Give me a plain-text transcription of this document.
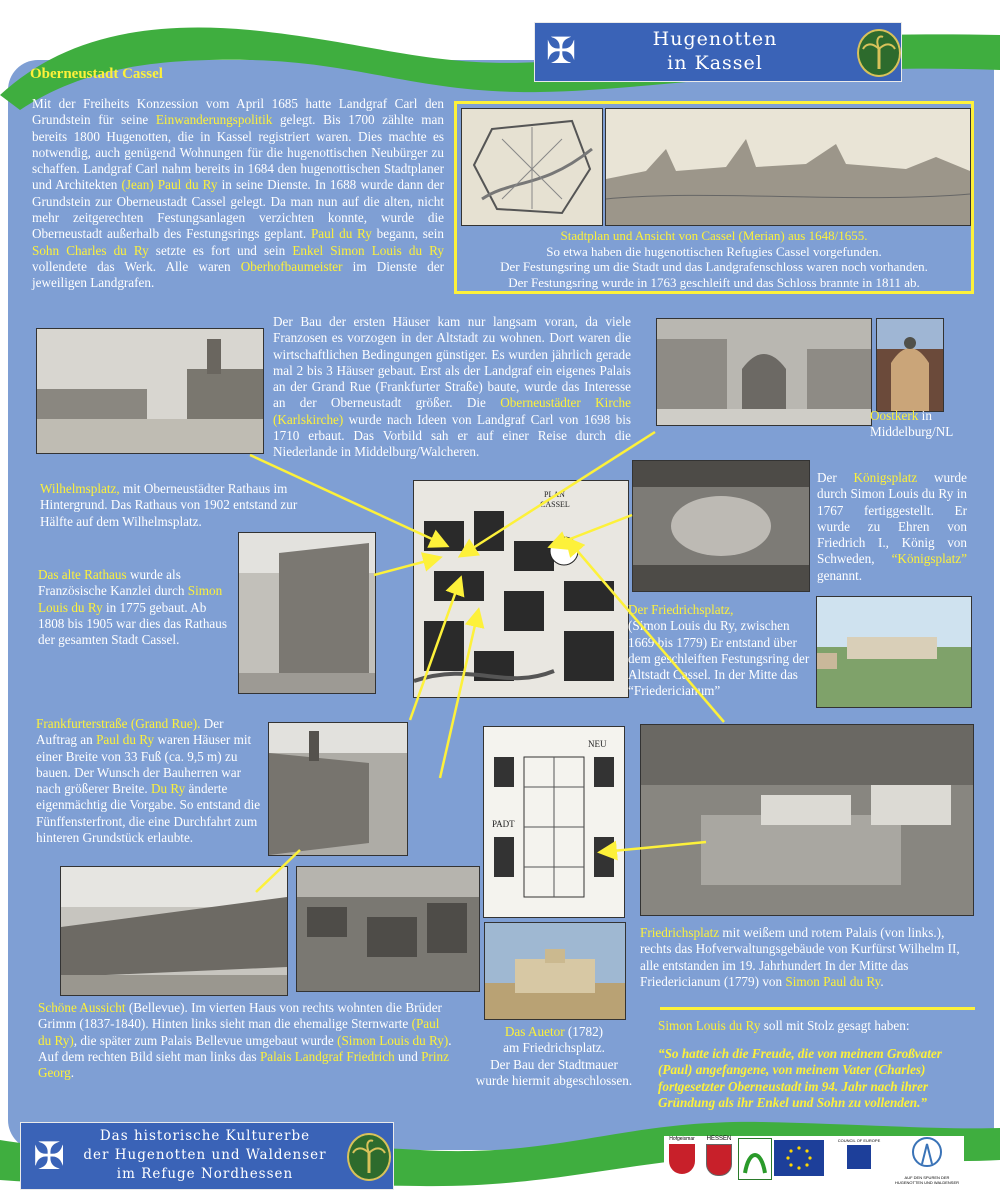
✠	Hugenotten
in Kassel
Oberneustadt Cassel
Mit der Freiheits Konzession vom April 1685 hatte Landgraf Carl den Grundstein für seine Einwanderungspolitik gelegt. Bis 1700 zählte man bereits 1800 Hugenotten, die in Kassel registriert waren. Dies machte es notwendig, auch genügend Wohnungen für die hugenottischen Neubürger zu schaffen. Landgraf Carl nahm bereits in 1684 den hugenottischen Stadtplaner und Architekten (Jean) Paul du Ry in seine Dienste. In 1688 wurde dann der Grundstein zur Oberneustadt Cassel gelegt. Da man nun auf die alten, nicht mehr zeitgerechten Festungsanlagen verzichten konnte, wurde die Oberneustadt außerhalb des Festungsrings geplant. Paul du Ry begann, sein Sohn Charles du Ry setzte es fort und sein Enkel Simon Louis du Ry vollendete das Werk. Alle waren Oberhofbaumeister im Dienste der jeweiligen Landgrafen.
Stadtplan und Ansicht von Cassel (Merian) aus 1648/1655.
So etwa haben die hugenottischen Refugies Cassel vorgefunden.
Der Festungsring um die Stadt und das Landgrafenschloss waren noch vorhanden.
Der Festungsring wurde in 1763 geschleift und das Schloss brannte in 1811 ab.
Der Bau der ersten Häuser kam nur langsam voran, da viele Franzosen es vorzogen in der Altstadt zu wohnen. Dort waren die wirtschaftlichen Bedingungen günstiger. Es wurden jährlich gerade mal 2 bis 3 Häuser gebaut. Erst als der Landgraf ein eigenes Palais an der Grand Rue (Frankfurter Straße) baute, wurde das Interesse an der Oberneustadt größer. Die Oberneustädter Kirche (Karlskirche) wurde nach Ideen von Landgraf Carl von 1698 bis 1710 erbaut. Das Vorbild sah er auf einer Reise durch die Niederlande in Middelburg/Walcheren.
Oostkerk in
Middelburg/NL
Wilhelmsplatz, mit Oberneustädter Rathaus im Hintergrund. Das Rathaus von 1902 entstand zur Hälfte auf dem Wilhelmsplatz.
PLAN
CASSEL
Der Königsplatz wurde durch Simon Louis du Ry in 1767 fertiggestellt. Er wurde zu Ehren von Friedrich I., König von Schweden, “Königsplatz” genannt.
Das alte Rathaus wurde als Französische Kanzlei durch Simon Louis du Ry in 1775 gebaut. Ab 1808 bis 1905 war dies das Rathaus der gesamten Stadt Cassel.
Der Friedrichsplatz,
(Simon Louis du Ry, zwischen 1669 bis 1779) Er entstand über dem geschleiften Festungsring der Altstadt Cassel. In der Mitte das “Friedericianum”
Frankfurterstraße (Grand Rue). Der Auftrag an Paul du Ry waren Häuser mit einer Breite von 33 Fuß (ca. 9,5 m) zu bauen. Der Wunsch der Bauherren war nach größerer Breite. Du Ry änderte eigenmächtig die Vorgabe. So entstand die Fünffensterfront, die eine Durchfahrt zum hinteren Grundstück erlaubte.
NEU
PADT
Friedrichsplatz mit weißem und rotem Palais (von links.), rechts das Hofverwaltungsgebäude von Kurfürst Wilhelm II, alle entstanden im 19. Jahrhundert In der Mitte das Friedericianum (1779) von Simon Paul du Ry.
Schöne Aussicht (Bellevue). Im vierten Haus von rechts wohnten die Brüder Grimm (1837-1840). Hinten links sieht man die ehemalige Sternwarte (Paul du Ry), die später zum Palais Bellevue umgebaut wurde (Simon Louis du Ry). Auf dem rechten Bild sieht man links das Palais Landgraf Friedrich und Prinz Georg.
Das Auetor (1782)
am Friedrichsplatz.
Der Bau der Stadtmauer
wurde hiermit abgeschlossen.
Simon Louis du Ry soll mit Stolz gesagt haben:
“So hatte ich die Freude, die von meinem Großvater (Paul) angefangene, von meinem Vater (Charles) fortgesetzter Oberneustadt im 94. Jahr nach ihrer Gründung als ihr Enkel und Sohn zu vollenden.”
✠	Das historische Kulturerbe
der Hugenotten und Waldenser
im Refuge Nordhessen
Hofgeismar	HESSEN	COUNCIL OF EUROPE
AUF DEN SPUREN DER HUGENOTTEN UND WALDENSER
